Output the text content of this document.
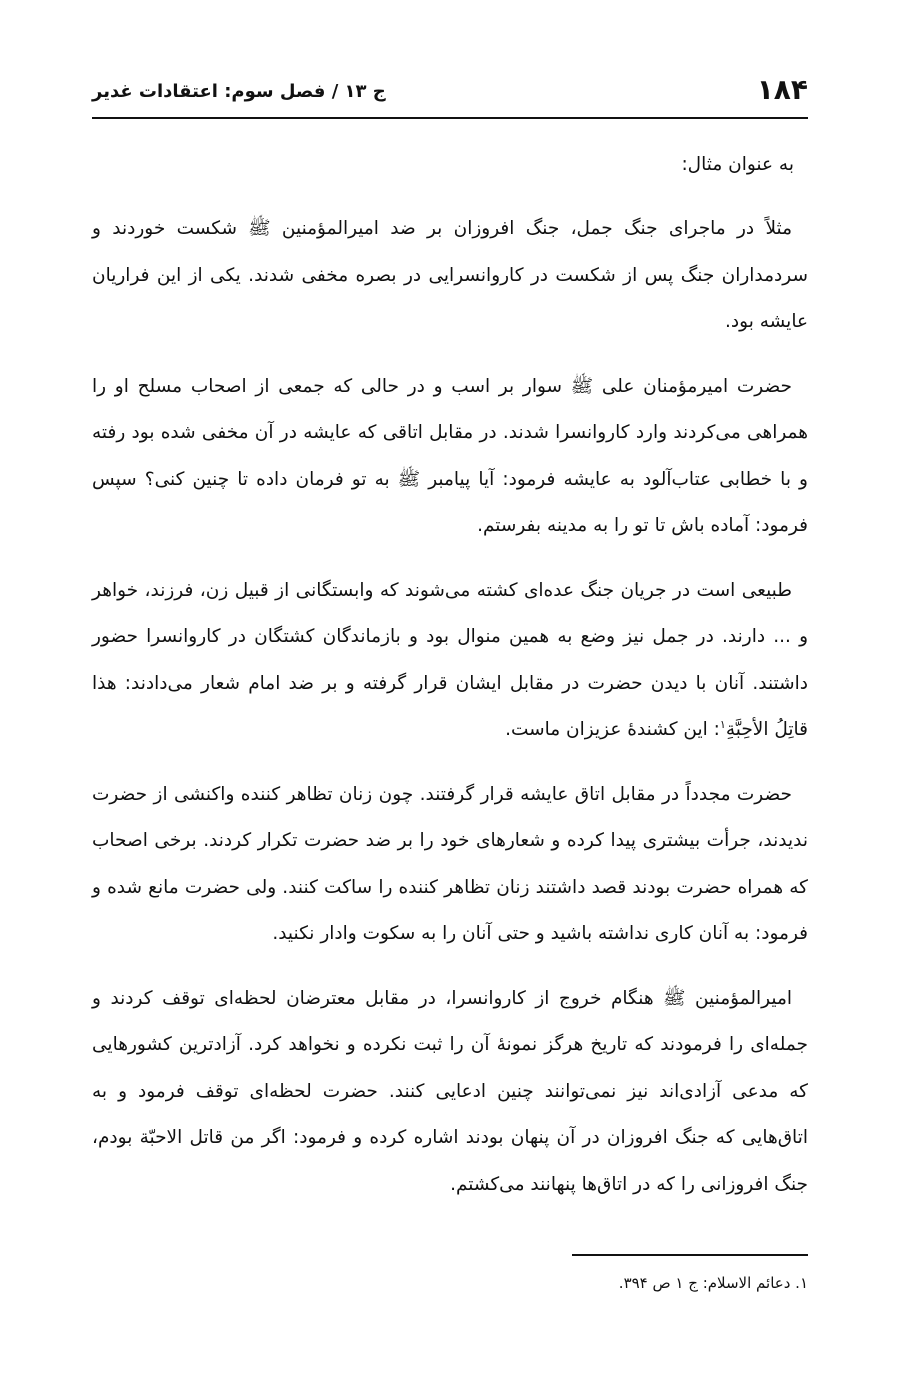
۱۸۴
ج ۱۳ / فصل سوم: اعتقادات غدیر

به عنوان مثال:

مثلاً در ماجرای جنگ جمل، جنگ افروزان بر ضد امیرالمؤمنین ﷺ شکست خوردند و سردمداران جنگ پس از شکست در کاروانسرایی در بصره مخفی شدند. یکی از این فراریان عایشه بود.

حضرت امیرمؤمنان علی ﷺ سوار بر اسب و در حالی که جمعی از اصحاب مسلح او را همراهی می‌کردند وارد کاروانسرا شدند. در مقابل اتاقی که عایشه در آن مخفی شده بود رفته و با خطابی عتاب‌آلود به عایشه فرمود: آیا پیامبر ﷺ به تو فرمان داده تا چنین کنی؟ سپس فرمود: آماده باش تا تو را به مدینه بفرستم.

طبیعی است در جریان جنگ عده‌ای کشته می‌شوند که وابستگانی از قبیل زن، فرزند، خواهر و ... دارند. در جمل نیز وضع به همین منوال بود و بازماندگان کشتگان در کاروانسرا حضور داشتند. آنان با دیدن حضرت در مقابل ایشان قرار گرفته و بر ضد امام شعار می‌دادند: هذا قاتِلُ الأحِبَّةِ$^۱$: این کشندهٔ عزیزان ماست.

حضرت مجدداً در مقابل اتاق عایشه قرار گرفتند. چون زنان تظاهر کننده واکنشی از حضرت ندیدند، جرأت بیشتری پیدا کرده و شعارهای خود را بر ضد حضرت تکرار کردند. برخی اصحاب که همراه حضرت بودند قصد داشتند زنان تظاهر کننده را ساکت کنند. ولی حضرت مانع شده و فرمود: به آنان کاری نداشته باشید و حتی آنان را به سکوت وادار نکنید.

امیرالمؤمنین ﷺ هنگام خروج از کاروانسرا، در مقابل معترضان لحظه‌ای توقف کردند و جمله‌ای را فرمودند که تاریخ هرگز نمونهٔ آن را ثبت نکرده و نخواهد کرد. آزادترین کشورهایی که مدعی آزادی‌اند نیز نمی‌توانند چنین ادعایی کنند. حضرت لحظه‌ای توقف فرمود و به اتاق‌هایی که جنگ افروزان در آن پنهان بودند اشاره کرده و فرمود: اگر من قاتل الاحبّة بودم، جنگ افروزانی را که در اتاق‌ها پنهانند می‌کشتم.

۱. دعائم الاسلام: ج ۱ ص ۳۹۴.
